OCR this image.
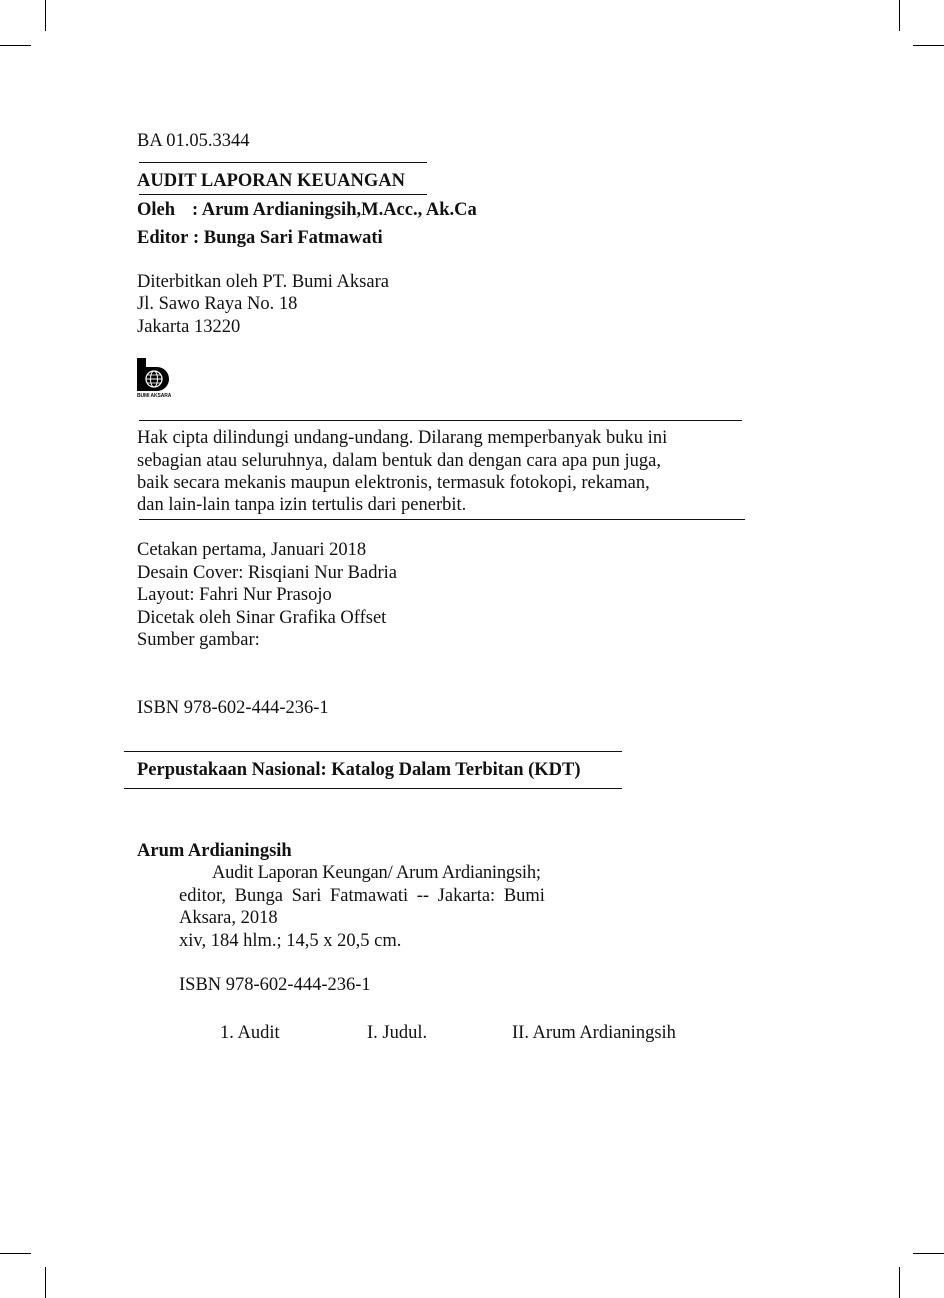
BA 01.05.3344
AUDIT LAPORAN KEUANGAN
Oleh : Arum Ardianingsih,M.Acc., Ak.Ca
Editor : Bunga Sari Fatmawati
Diterbitkan oleh PT. Bumi Aksara
Jl. Sawo Raya No. 18
Jakarta 13220
BUMI AKSARA
Hak cipta dilindungi undang-undang. Dilarang memperbanyak buku ini
sebagian atau seluruhnya, dalam bentuk dan dengan cara apa pun juga,
baik secara mekanis maupun elektronis, termasuk fotokopi, rekaman,
dan lain-lain tanpa izin tertulis dari penerbit.
Cetakan pertama, Januari 2018
Desain Cover: Risqiani Nur Badria
Layout: Fahri Nur Prasojo
Dicetak oleh Sinar Grafika Offset
Sumber gambar:
ISBN 978-602-444-236-1
Perpustakaan Nasional: Katalog Dalam Terbitan (KDT)
Arum Ardianingsih
Audit Laporan Keungan/ Arum Ardianingsih;
editor, Bunga Sari Fatmawati -- Jakarta: Bumi
Aksara, 2018
xiv, 184 hlm.; 14,5 x 20,5 cm.
ISBN 978-602-444-236-1
1. Audit	I. Judul.	II. Arum Ardianingsih
